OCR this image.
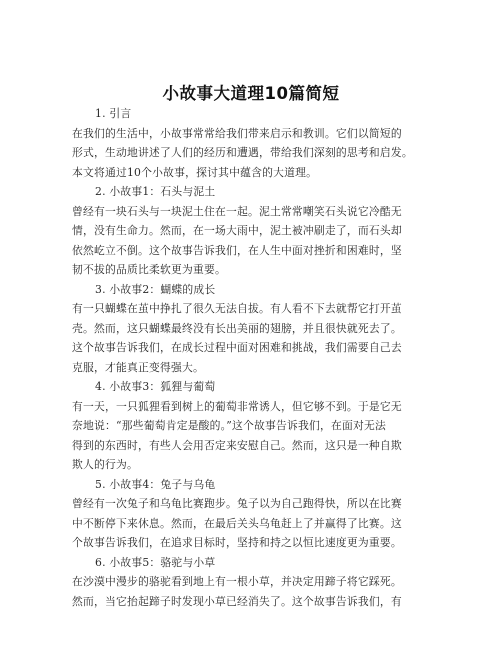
小故事大道理10篇简短
1. 引言
在我们的生活中，小故事常常给我们带来启示和教训。它们以简短的
形式，生动地讲述了人们的经历和遭遇，带给我们深刻的思考和启发。
本文将通过10个小故事，探讨其中蕴含的大道理。
2. 小故事1：石头与泥土
曾经有一块石头与一块泥土住在一起。泥土常常嘲笑石头说它冷酷无
情，没有生命力。然而，在一场大雨中，泥土被冲刷走了，而石头却
依然屹立不倒。这个故事告诉我们，在人生中面对挫折和困难时，坚
韧不拔的品质比柔软更为重要。
3. 小故事2：蝴蝶的成长
有一只蝴蝶在茧中挣扎了很久无法自拔。有人看不下去就帮它打开茧
壳。然而，这只蝴蝶最终没有长出美丽的翅膀，并且很快就死去了。
这个故事告诉我们，在成长过程中面对困难和挑战，我们需要自己去
克服，才能真正变得强大。
4. 小故事3：狐狸与葡萄
有一天，一只狐狸看到树上的葡萄非常诱人，但它够不到。于是它无
奈地说：“那些葡萄肯定是酸的。”这个故事告诉我们，在面对无法
得到的东西时，有些人会用否定来安慰自己。然而，这只是一种自欺
欺人的行为。
5. 小故事4：兔子与乌龟
曾经有一次兔子和乌龟比赛跑步。兔子以为自己跑得快，所以在比赛
中不断停下来休息。然而，在最后关头乌龟赶上了并赢得了比赛。这
个故事告诉我们，在追求目标时，坚持和持之以恒比速度更为重要。
6. 小故事5：骆驼与小草
在沙漠中漫步的骆驼看到地上有一根小草，并决定用蹄子将它踩死。
然而，当它抬起蹄子时发现小草已经消失了。这个故事告诉我们，有
